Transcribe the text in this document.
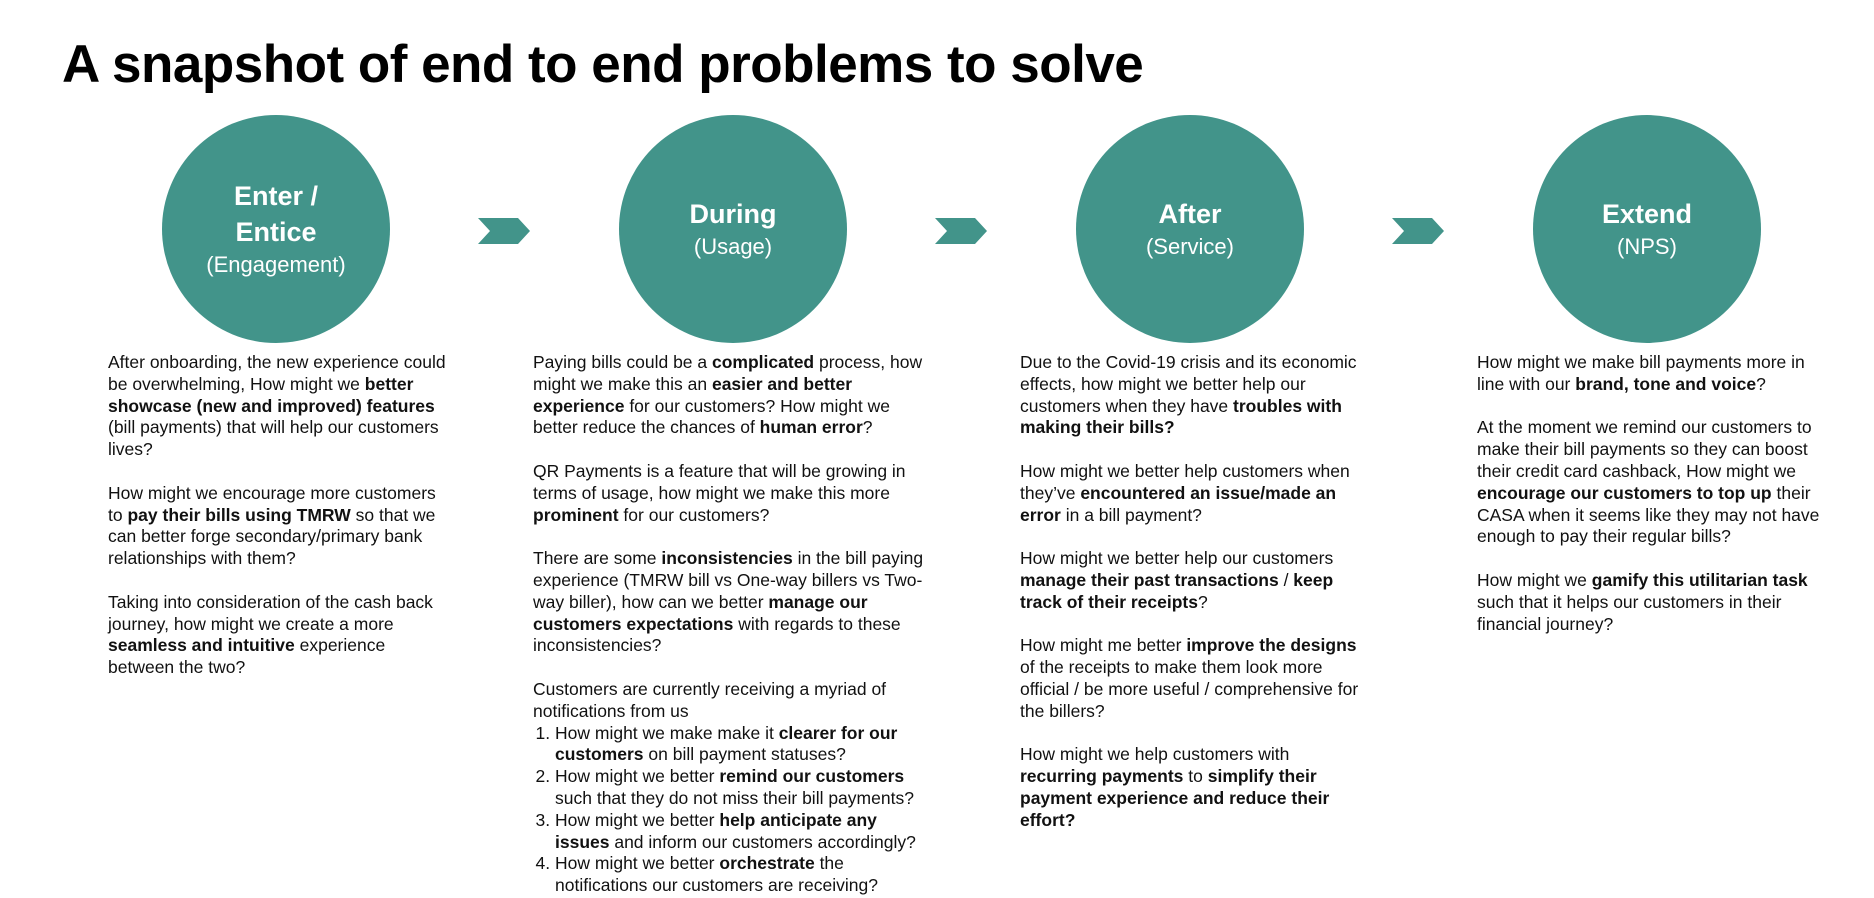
A snapshot of end to end problems to solve
Enter /
Entice
(Engagement)
During
(Usage)
After
(Service)
Extend
(NPS)

After onboarding, the new experience could be overwhelming, How might we better showcase (new and improved) features (bill payments) that will help our customers lives?

How might we encourage more customers to pay their bills using TMRW so that we can better forge secondary/primary bank relationships with them?

Taking into consideration of the cash back journey, how might we create a more seamless and intuitive experience between the two?

Paying bills could be a complicated process, how might we make this an easier and better experience for our customers? How might we better reduce the chances of human error?

QR Payments is a feature that will be growing in terms of usage, how might we make this more prominent for our customers?

There are some inconsistencies in the bill paying experience (TMRW bill vs One-way billers vs Two-way biller), how can we better manage our customers expectations with regards to these inconsistencies?

Customers are currently receiving a myriad of notifications from us

1. How might we make make it clearer for our customers on bill payment statuses?
2. How might we better remind our customers such that they do not miss their bill payments?
3. How might we better help anticipate any issues and inform our customers accordingly?
4. How might we better orchestrate the notifications our customers are receiving?

Due to the Covid-19 crisis and its economic effects, how might we better help our customers when they have troubles with making their bills?

How might we better help customers when they’ve encountered an issue/made an error in a bill payment?

How might we better help our customers manage their past transactions / keep track of their receipts?

How might me better improve the designs of the receipts to make them look more official / be more useful / comprehensive for the billers?

How might we help customers with recurring payments to simplify their payment experience and reduce their effort?

How might we make bill payments more in line with our brand, tone and voice?

At the moment we remind our customers to make their bill payments so they can boost their credit card cashback, How might we encourage our customers to top up their CASA when it seems like they may not have enough to pay their regular bills?

How might we gamify this utilitarian task such that it helps our customers in their financial journey?
